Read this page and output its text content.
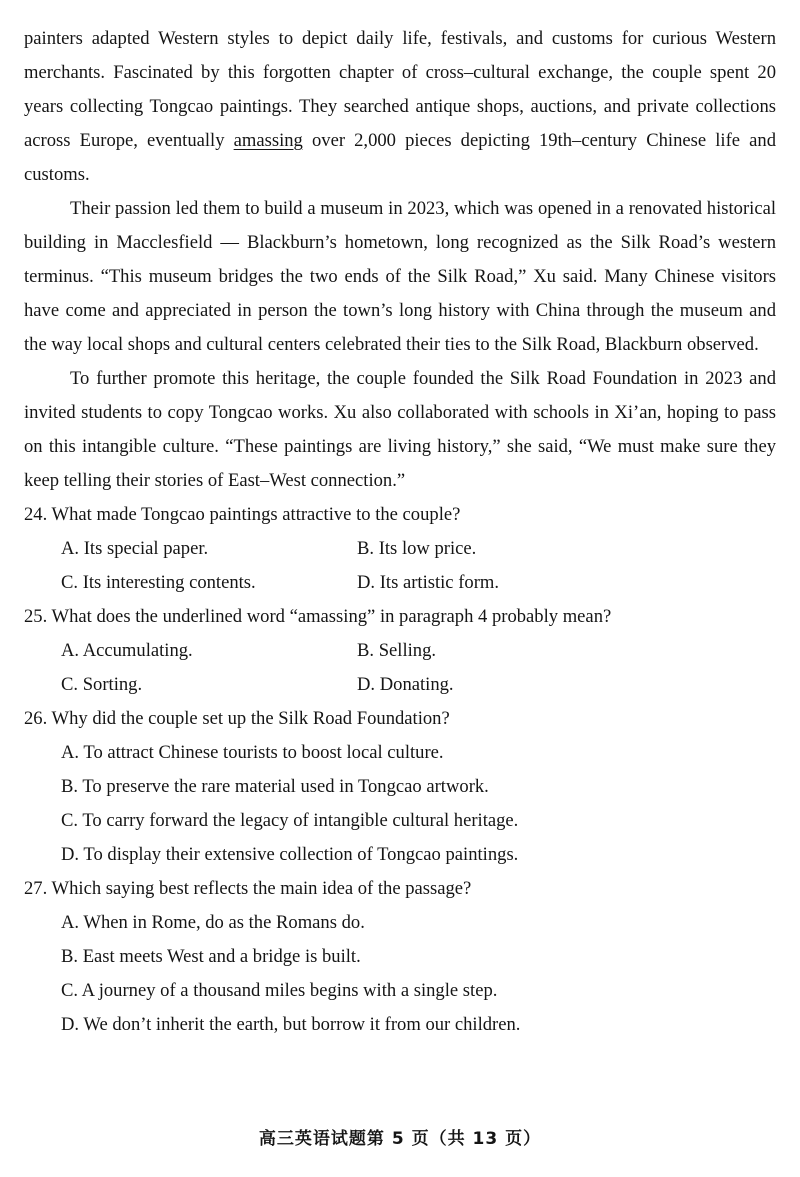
painters adapted Western styles to depict daily life, festivals, and customs for curious Western merchants. Fascinated by this forgotten chapter of cross–cultural exchange, the couple spent 20 years collecting Tongcao paintings. They searched antique shops, auctions, and private collections across Europe, eventually amassing over 2,000 pieces depicting 19th–century Chinese life and customs.

Their passion led them to build a museum in 2023, which was opened in a renovated historical building in Macclesfield — Blackburn’s hometown, long recognized as the Silk Road’s western terminus. “This museum bridges the two ends of the Silk Road,” Xu said. Many Chinese visitors have come and appreciated in person the town’s long history with China through the museum and the way local shops and cultural centers celebrated their ties to the Silk Road, Blackburn observed.

To further promote this heritage, the couple founded the Silk Road Foundation in 2023 and invited students to copy Tongcao works. Xu also collaborated with schools in Xi’an, hoping to pass on this intangible culture. “These paintings are living history,” she said, “We must make sure they keep telling their stories of East–West connection.”

24. What made Tongcao paintings attractive to the couple?

A. Its special paper.	B. Its low price.
C. Its interesting contents.	D. Its artistic form.

25. What does the underlined word “amassing” in paragraph 4 probably mean?

A. Accumulating.	B. Selling.
C. Sorting.	D. Donating.

26. Why did the couple set up the Silk Road Foundation?

A. To attract Chinese tourists to boost local culture.
B. To preserve the rare material used in Tongcao artwork.
C. To carry forward the legacy of intangible cultural heritage.
D. To display their extensive collection of Tongcao paintings.

27. Which saying best reflects the main idea of the passage?

A. When in Rome, do as the Romans do.
B. East meets West and a bridge is built.
C. A journey of a thousand miles begins with a single step.
D. We don’t inherit the earth, but borrow it from our children.
高三英语试题第 5 页（共 13 页）
